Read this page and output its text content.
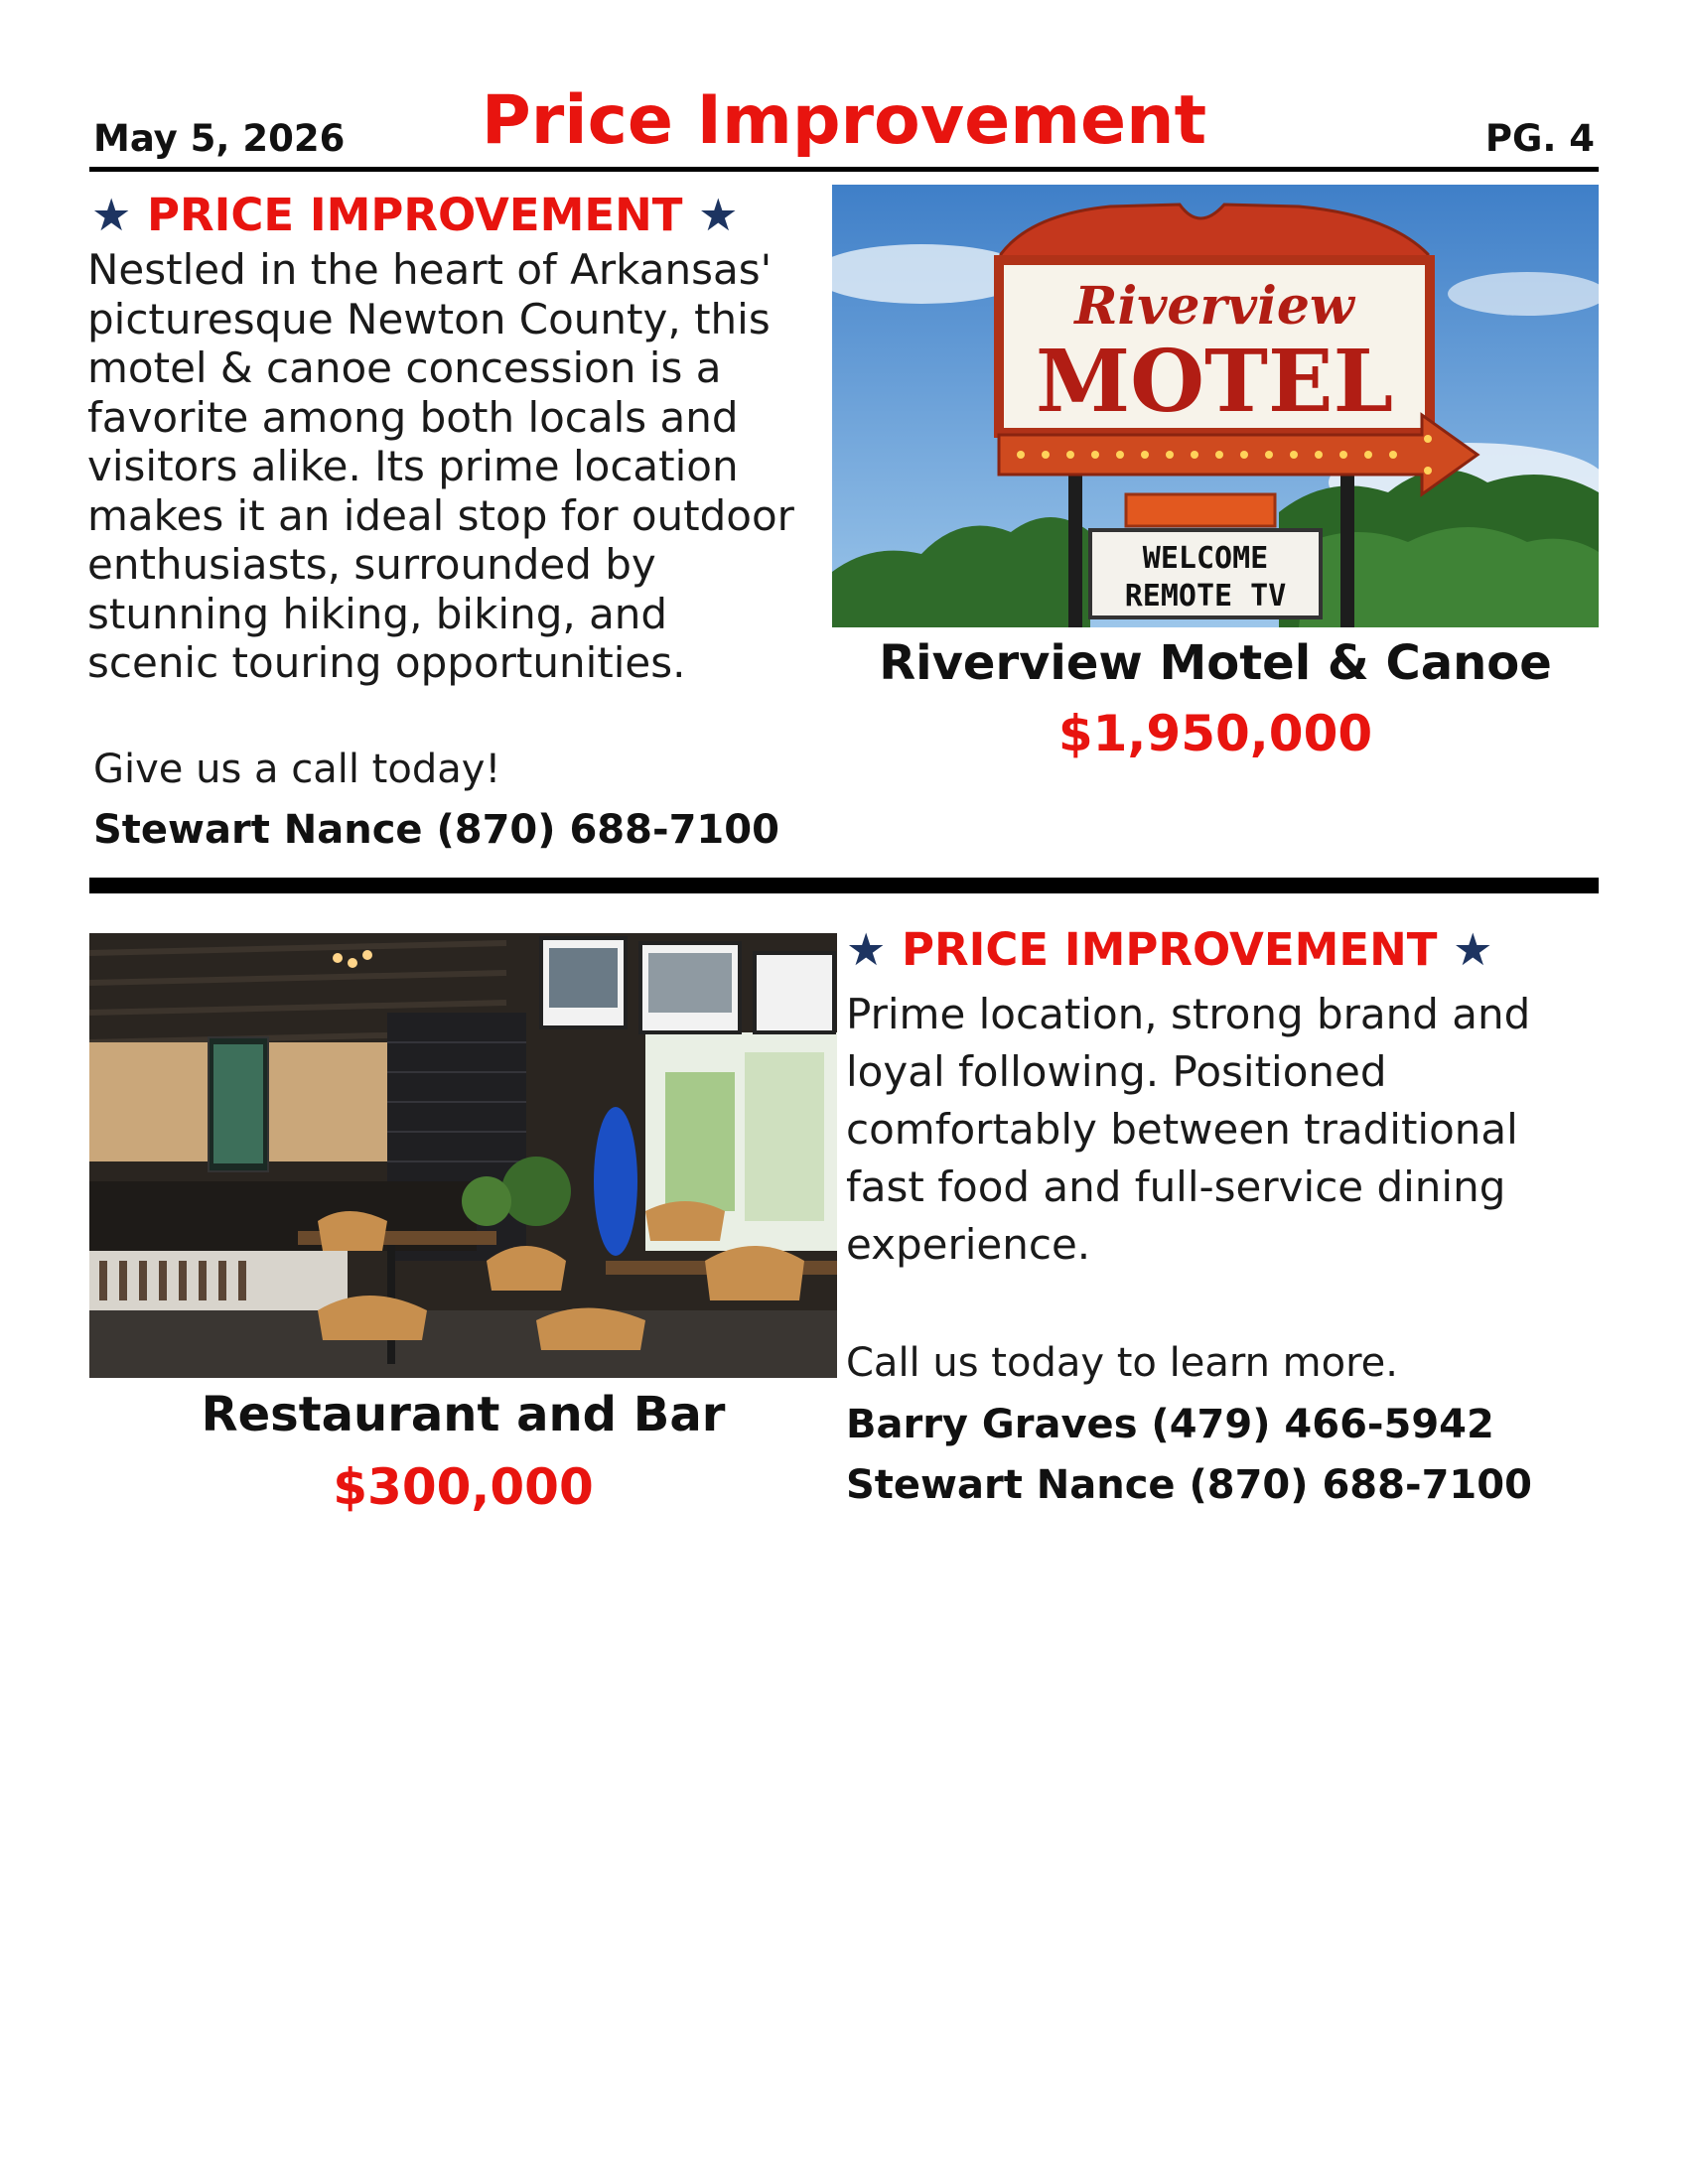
May 5, 2026	Price Improvement	PG. 4
★ PRICE IMPROVEMENT ★
Nestled in the heart of Arkansas'
picturesque Newton County, this
motel & canoe concession is a
favorite among both locals and
visitors alike. Its prime location
makes it an ideal stop for outdoor
enthusiasts, surrounded by
stunning hiking, biking, and
scenic touring opportunities.
Give us a call today!
Stewart Nance (870) 688-7100
Riverview
MOTEL
WELCOME
REMOTE TV
Riverview Motel & Canoe
$1,950,000
Restaurant and Bar
$300,000
★ PRICE IMPROVEMENT ★
Prime location, strong brand and
loyal following. Positioned
comfortably between traditional
fast food and full-service dining
experience.
Call us today to learn more.
Barry Graves (479) 466-5942
Stewart Nance (870) 688-7100
